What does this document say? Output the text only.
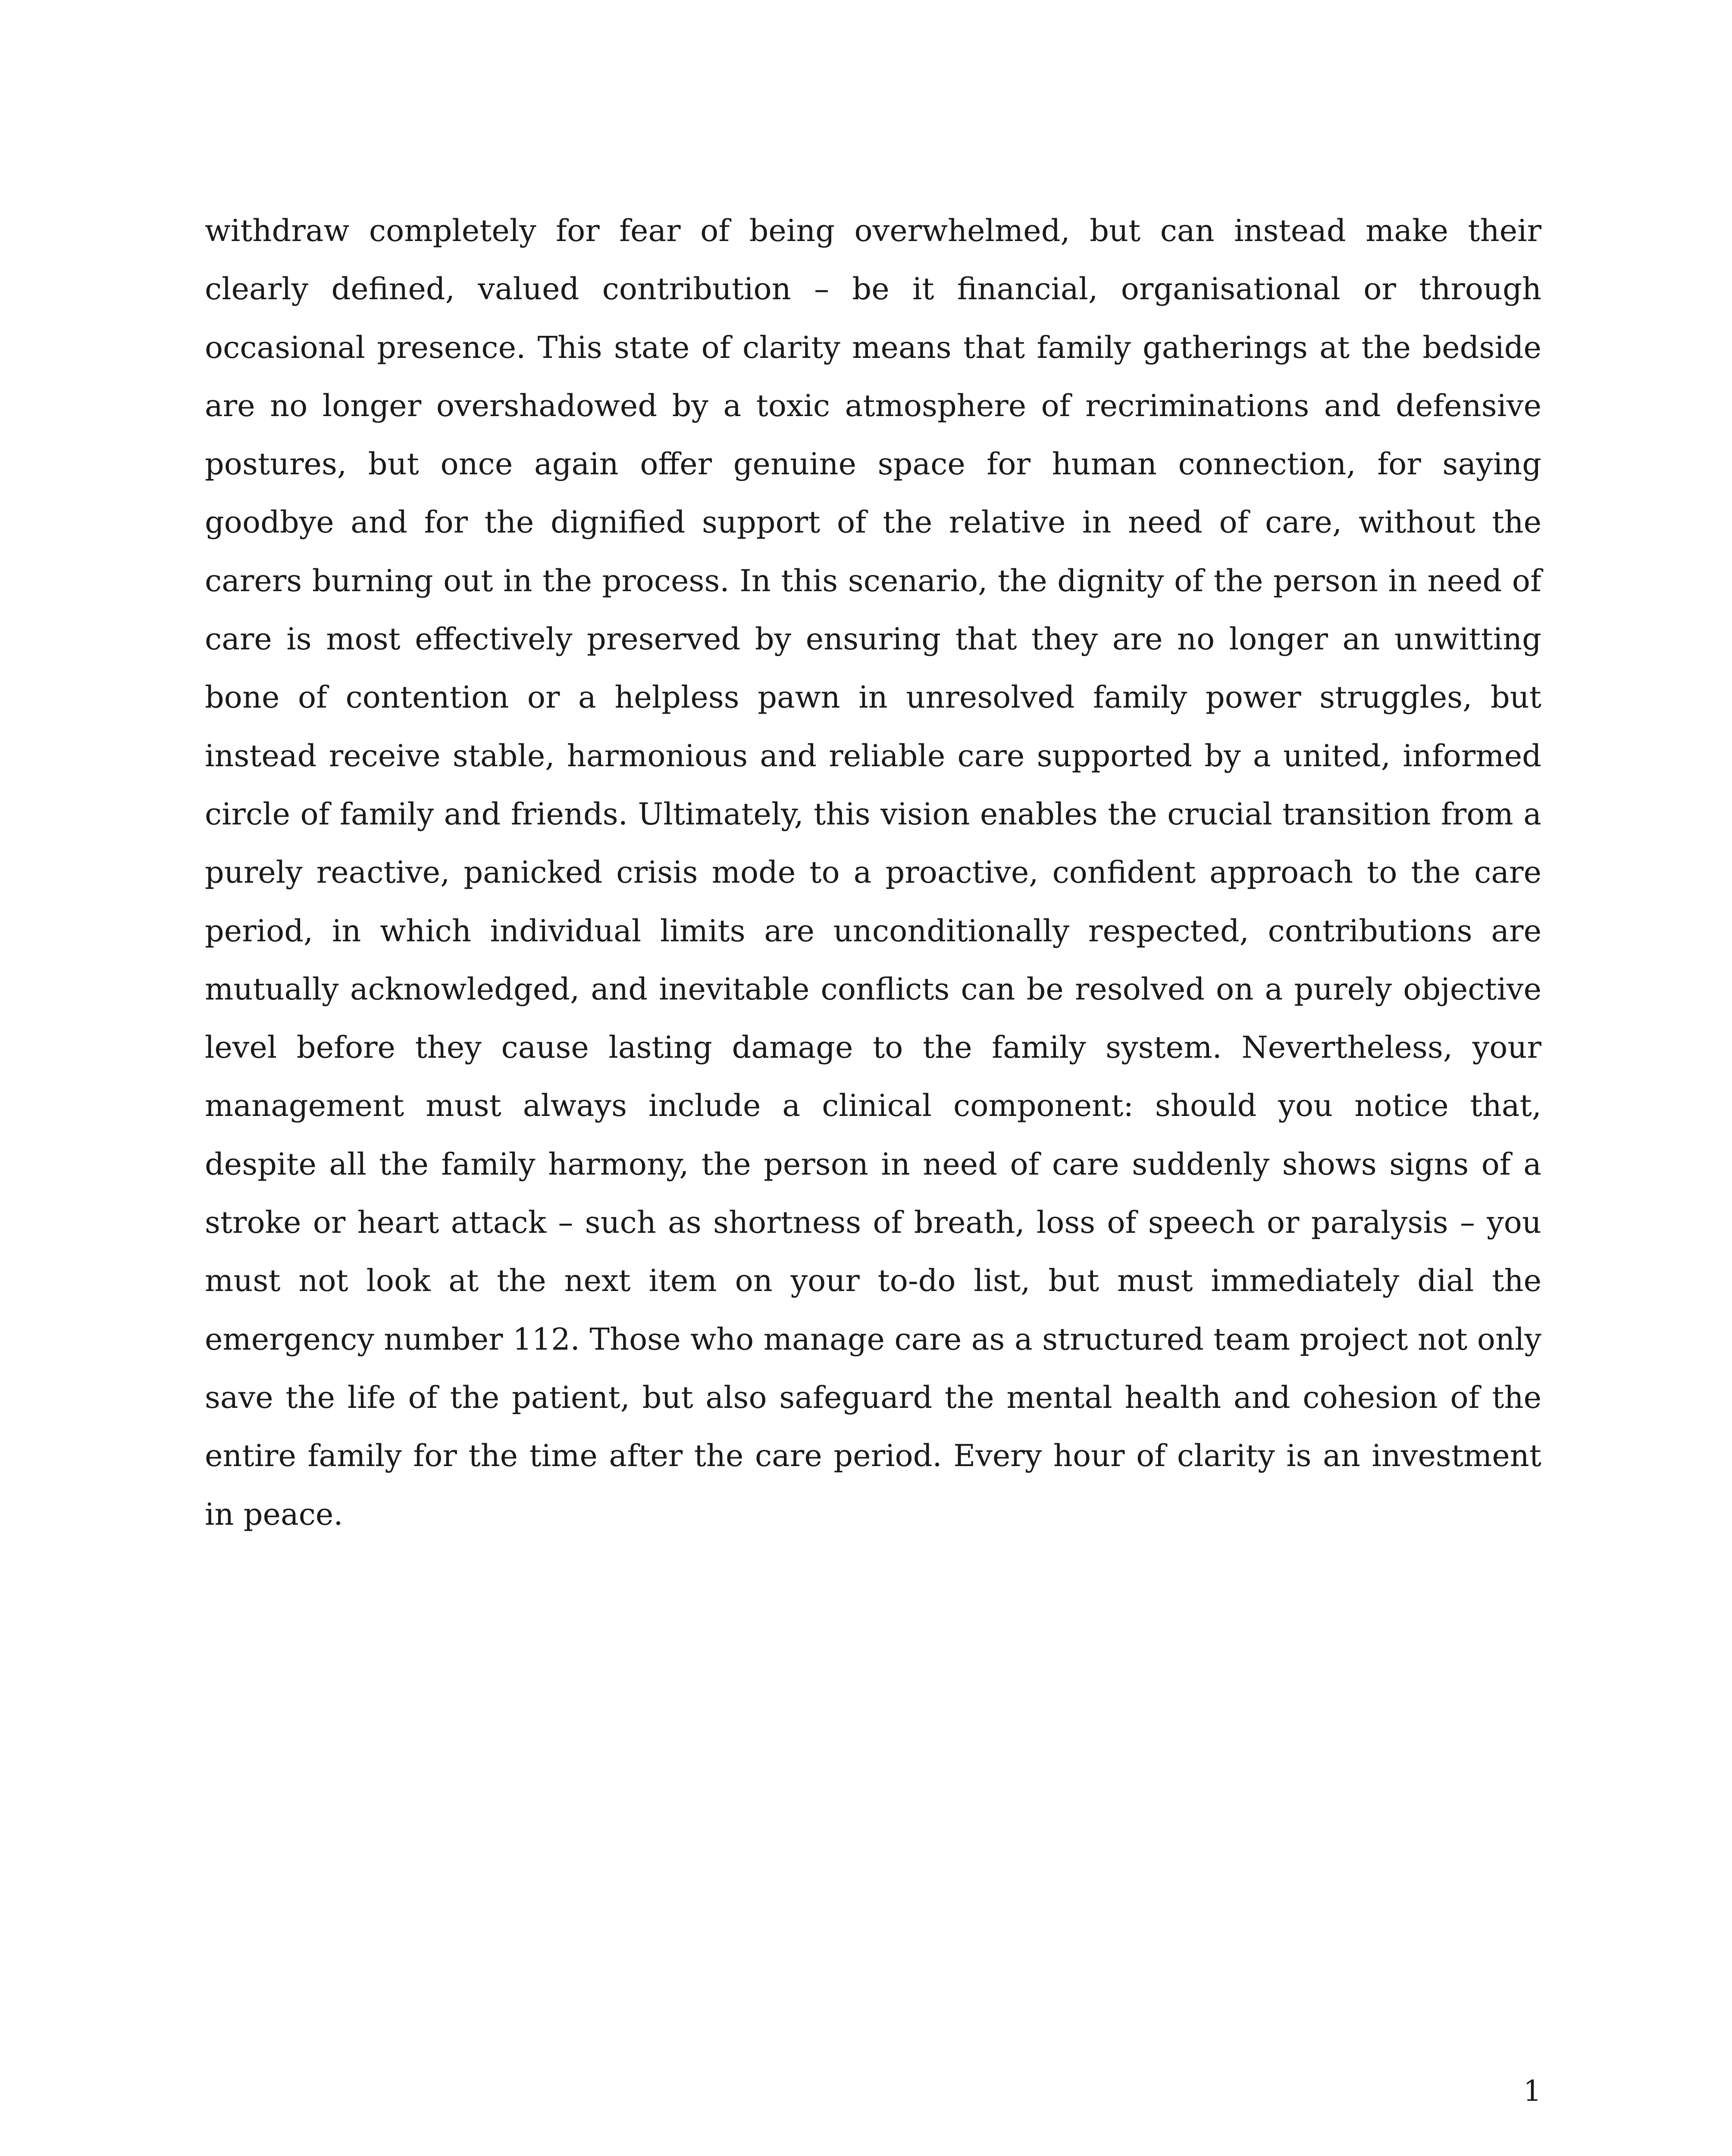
withdraw completely for fear of being overwhelmed, but can instead make their clearly defined, valued contribution – be it financial, organisational or through occasional presence. This state of clarity means that family gatherings at the bedside are no longer overshadowed by a toxic atmosphere of recriminations and defensive postures, but once again offer genuine space for human connection, for saying goodbye and for the dignified support of the relative in need of care, without the carers burning out in the process. In this scenario, the dignity of the person in need of care is most effectively preserved by ensuring that they are no longer an unwitting bone of contention or a helpless pawn in unresolved family power struggles, but instead receive stable, harmonious and reliable care supported by a united, informed circle of family and friends. Ultimately, this vision enables the crucial transition from a purely reactive, panicked crisis mode to a proactive, confident approach to the care period, in which individual limits are unconditionally respected, contributions are mutually acknowledged, and inevitable conflicts can be resolved on a purely objective level before they cause lasting damage to the family system. Nevertheless, your management must always include a clinical component: should you notice that, despite all the family harmony, the person in need of care suddenly shows signs of a stroke or heart attack – such as shortness of breath, loss of speech or paralysis – you must not look at the next item on your to-do list, but must immediately dial the emergency number 112. Those who manage care as a structured team project not only save the life of the patient, but also safeguard the mental health and cohesion of the entire family for the time after the care period. Every hour of clarity is an investment in peace.

1
